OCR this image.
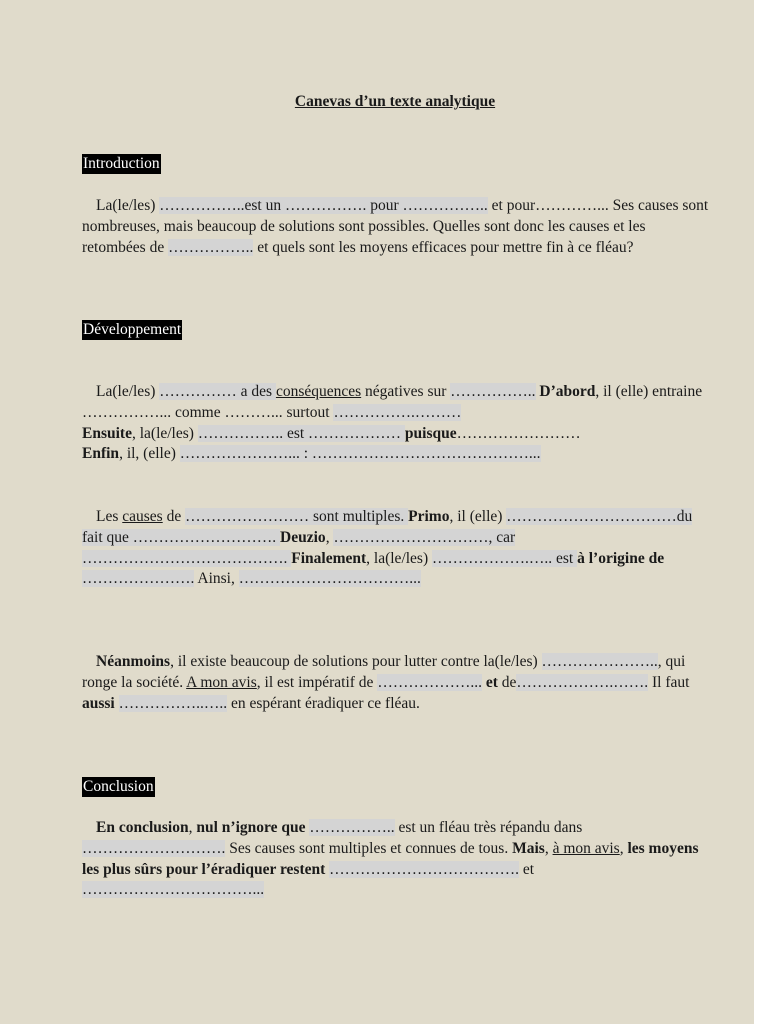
Canevas d’un texte analytique
Introduction
La(le/les) ……………..est un ……………. pour …………….. et pour…………... Ses causes sont nombreuses, mais beaucoup de solutions sont possibles. Quelles sont donc les causes et les retombées de …………….. et quels sont les moyens efficaces pour mettre fin à ce fléau?
Développement
La(le/les) …………… a des conséquences négatives sur …………….. D’abord, il (elle) entraine ……………... comme ………... surtout …………….………
Ensuite, la(le/les) …………….. est ……………… puisque……………………
Enfin, il, (elle) …………………... : ……………………………………...
Les causes de …………………… sont multiples. Primo, il (elle) ……………………………du fait que ………………………. Deuzio, …………………………, car …………………………………. Finalement, la(le/les) ……………….….. est à l’origine de …………………. Ainsi, ……………………………...
Néanmoins, il existe beaucoup de solutions pour lutter contre la(le/les) ………………….., qui ronge la société. A mon avis, il est impératif de ………………... et de……………….……. Il faut aussi ……………..….. en espérant éradiquer ce fléau.
Conclusion
En conclusion, nul n’ignore que …………….. est un fléau très répandu dans ………………………. Ses causes sont multiples et connues de tous. Mais, à mon avis, les moyens les plus sûrs pour l’éradiquer restent ………………………………. et ……………………………...
